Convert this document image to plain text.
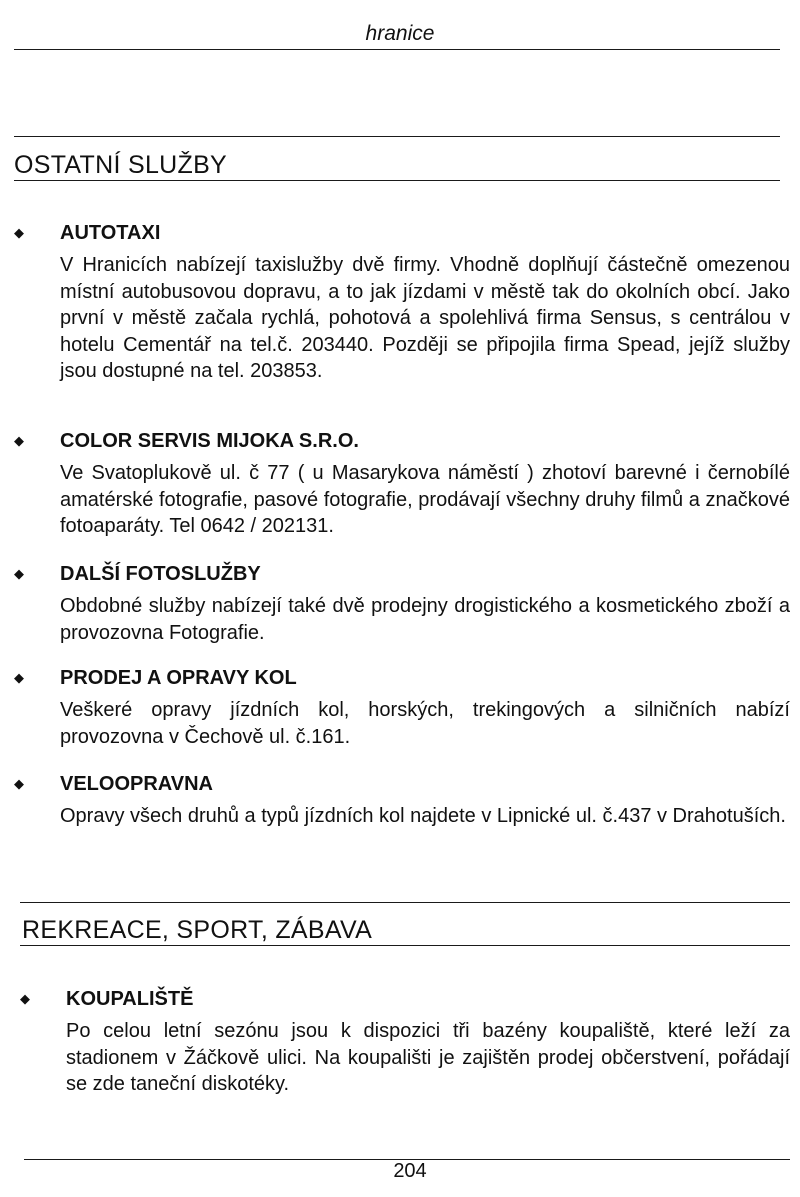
hranice

OSTATNÍ SLUŽBY
◆ AUTOTAXI

V Hranicích nabízejí taxislužby dvě firmy. Vhodně doplňují částečně omezenou místní autobusovou dopravu, a to jak jízdami v městě tak do okolních obcí. Jako první v městě začala rychlá, pohotová a spolehlivá firma Sensus, s centrálou v hotelu Cementář na tel.č. 203440. Později se připojila firma Spead, jejíž služby jsou dostupné na tel. 203853.

◆ COLOR SERVIS MIJOKA S.R.O.

Ve Svatoplukově ul. č 77 ( u Masarykova náměstí ) zhotoví barevné i černobílé amatérské fotografie, pasové fotografie, prodávají všechny druhy filmů a značkové fotoaparáty. Tel 0642 / 202131.

◆ DALŠÍ FOTOSLUŽBY

Obdobné služby nabízejí také dvě prodejny drogistického a kosmetického zboží a provozovna Fotografie.

◆ PRODEJ A OPRAVY KOL

Veškeré opravy jízdních kol, horských, trekingových a silničních nabízí provozovna v Čechově ul. č.161.

◆ VELOOPRAVNA

Opravy všech druhů a typů jízdních kol najdete v Lipnické ul. č.437 v Drahotuších.

REKREACE, SPORT, ZÁBAVA
◆ KOUPALIŠTĚ

Po celou letní sezónu jsou k dispozici tři bazény koupaliště, které leží za stadionem v Žáčkově ulici. Na koupališti je zajištěn prodej občerstvení, pořádají se zde taneční diskotéky.

204
